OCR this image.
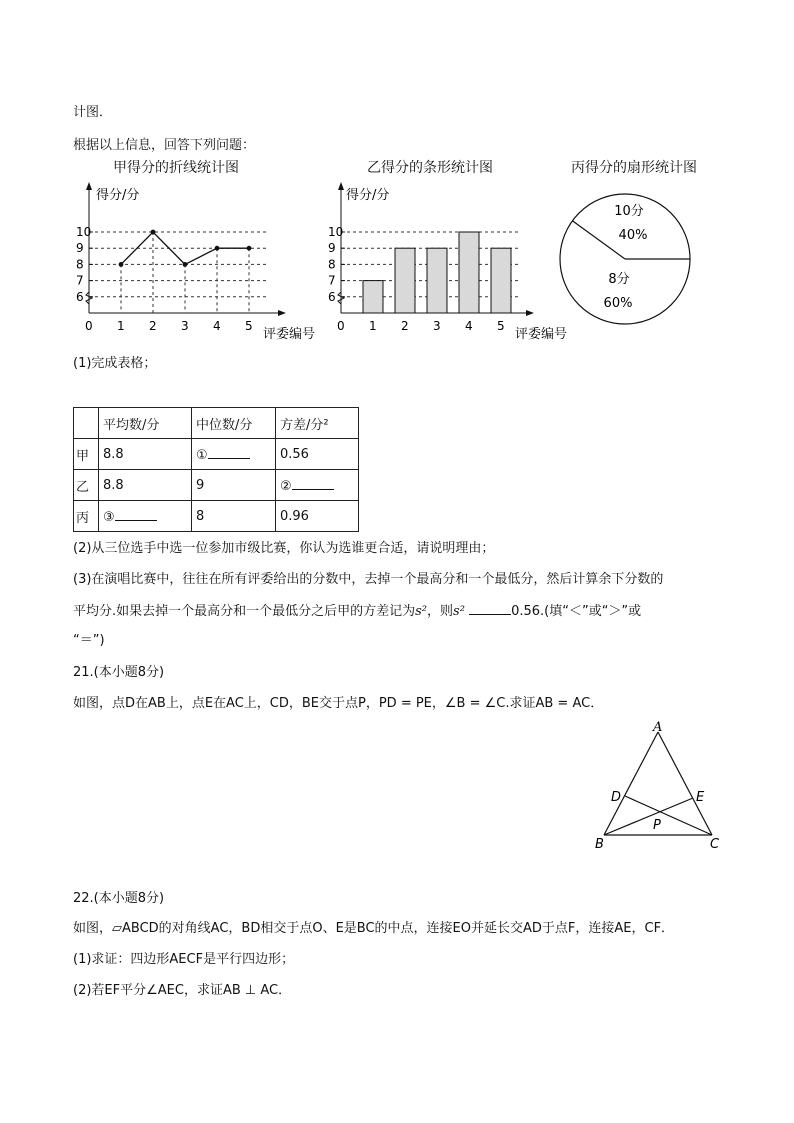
计图．
根据以上信息，回答下列问题：
甲得分的折线统计图	乙得分的条形统计图	丙得分的扇形统计图
得分/分
0
评委编号
6
7
8
9
10
1 2 3 4 5
得分/分
0
评委编号
6
7
8
9
10
1 2 3 4 5
10分
40%
8分
60%
(1)完成表格；
	平均数/分	中位数/分	方差/分²
甲	8.8	①	0.56
乙	8.8	9	②
丙	③	8	0.96
(2)从三位选手中选一位参加市级比赛，你认为选谁更合适，请说明理由；
(3)在演唱比赛中，往往在所有评委给出的分数中，去掉一个最高分和一个最低分，然后计算余下分数的
平均分.如果去掉一个最高分和一个最低分之后甲的方差记为s²，则s²	0.56.(填“＜”或“＞”或
“＝”)
21.(本小题8分)
如图，点D在AB上，点E在AC上，CD，BE交于点P，PD = PE，∠B = ∠C.求证AB = AC．
A
D	E
P
B	C
22.(本小题8分)
如图，▱ABCD的对角线AC，BD相交于点O、E是BC的中点，连接EO并延长交AD于点F，连接AE，CF．
(1)求证：四边形AECF是平行四边形；
(2)若EF平分∠AEC，求证AB ⊥ AC．
